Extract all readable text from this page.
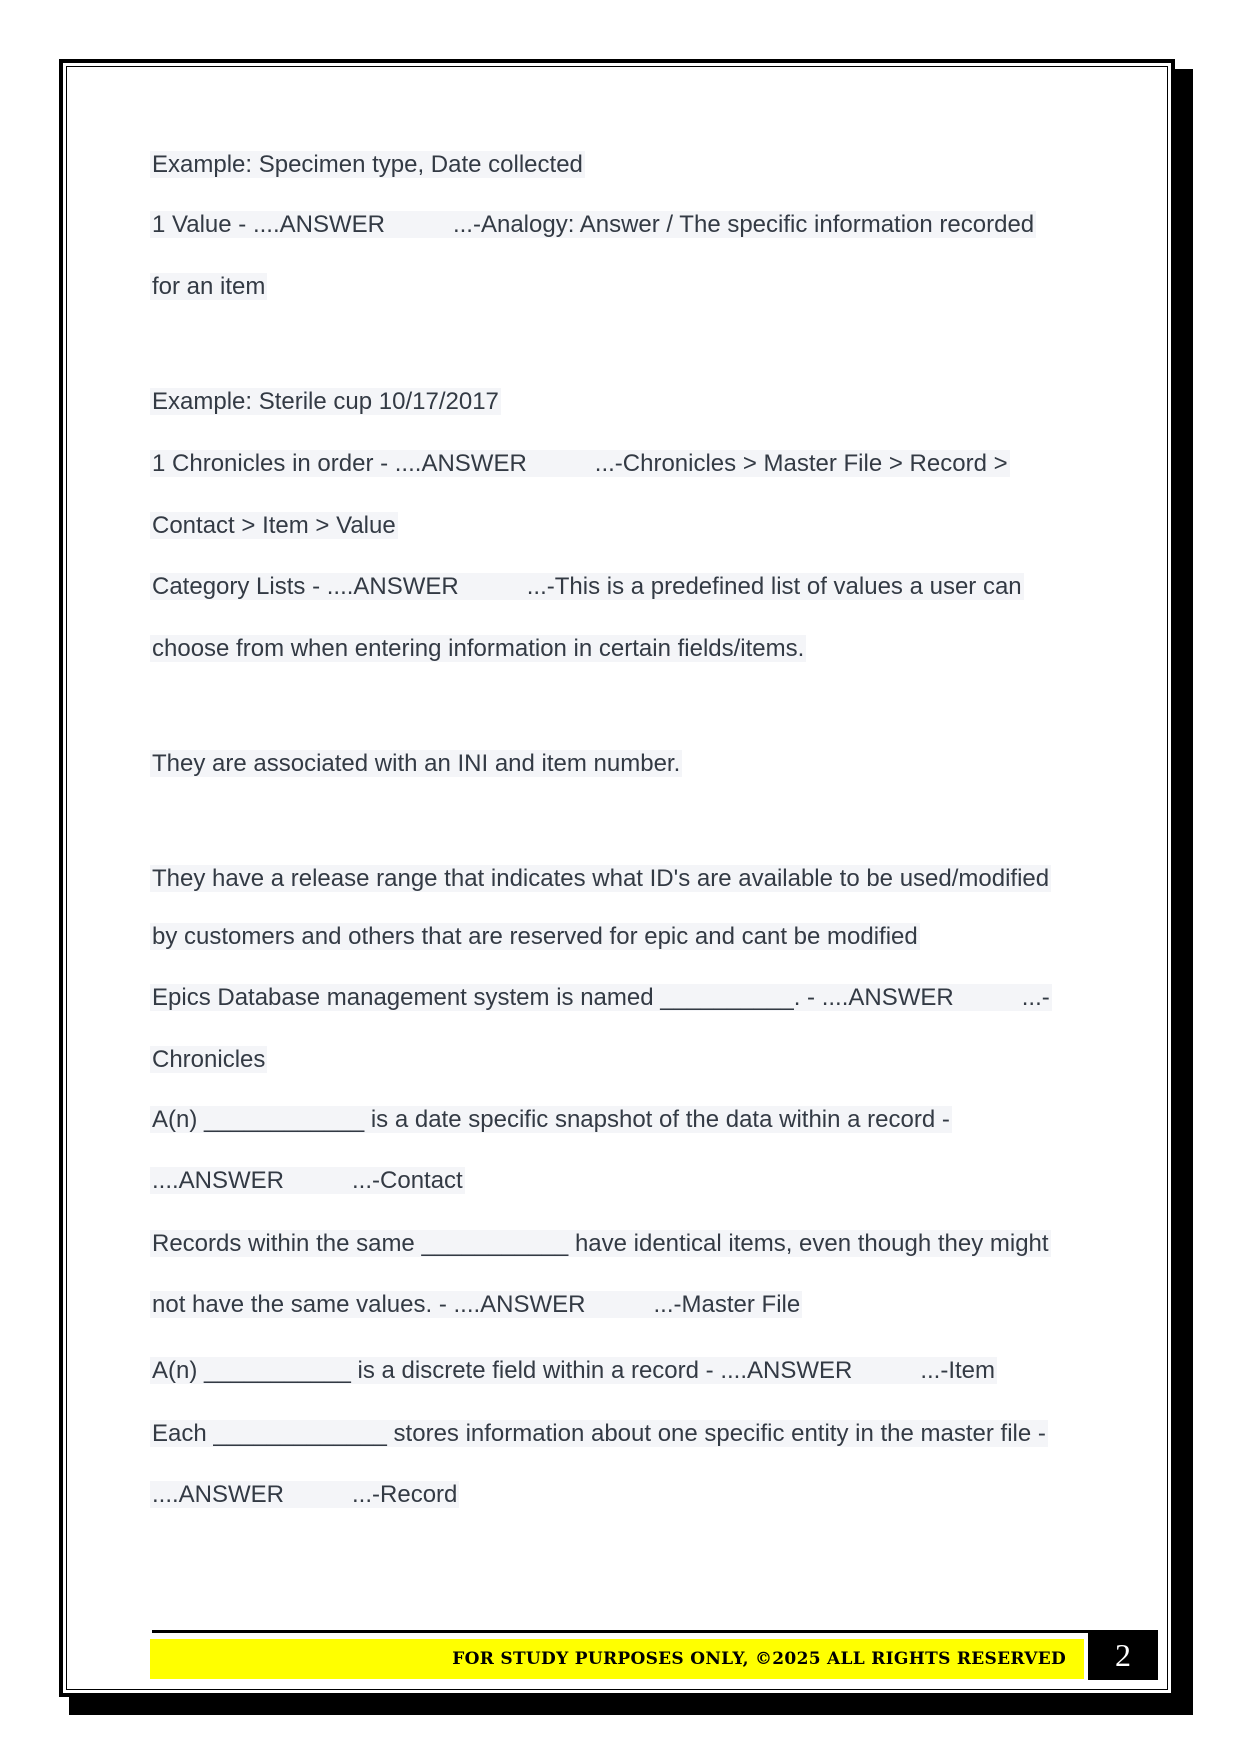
Example: Specimen type, Date collected
1 Value - ....ANSWER	...-Analogy: Answer / The specific information recorded
for an item
Example: Sterile cup 10/17/2017
1 Chronicles in order - ....ANSWER	...-Chronicles > Master File > Record >
Contact > Item > Value
Category Lists - ....ANSWER	...-This is a predefined list of values a user can
choose from when entering information in certain fields/items.
They are associated with an INI and item number.
They have a release range that indicates what ID's are available to be used/modified
by customers and others that are reserved for epic and cant be modified
Epics Database management system is named __________. - ....ANSWER	...-
Chronicles
A(n) ____________ is a date specific snapshot of the data within a record -
....ANSWER	...-Contact
Records within the same ___________ have identical items, even though they might
not have the same values. - ....ANSWER	...-Master File
A(n) ___________ is a discrete field within a record - ....ANSWER	...-Item
Each _____________ stores information about one specific entity in the master file -
....ANSWER	...-Record
FOR STUDY PURPOSES ONLY, ©2025 ALL RIGHTS RESERVED	2
